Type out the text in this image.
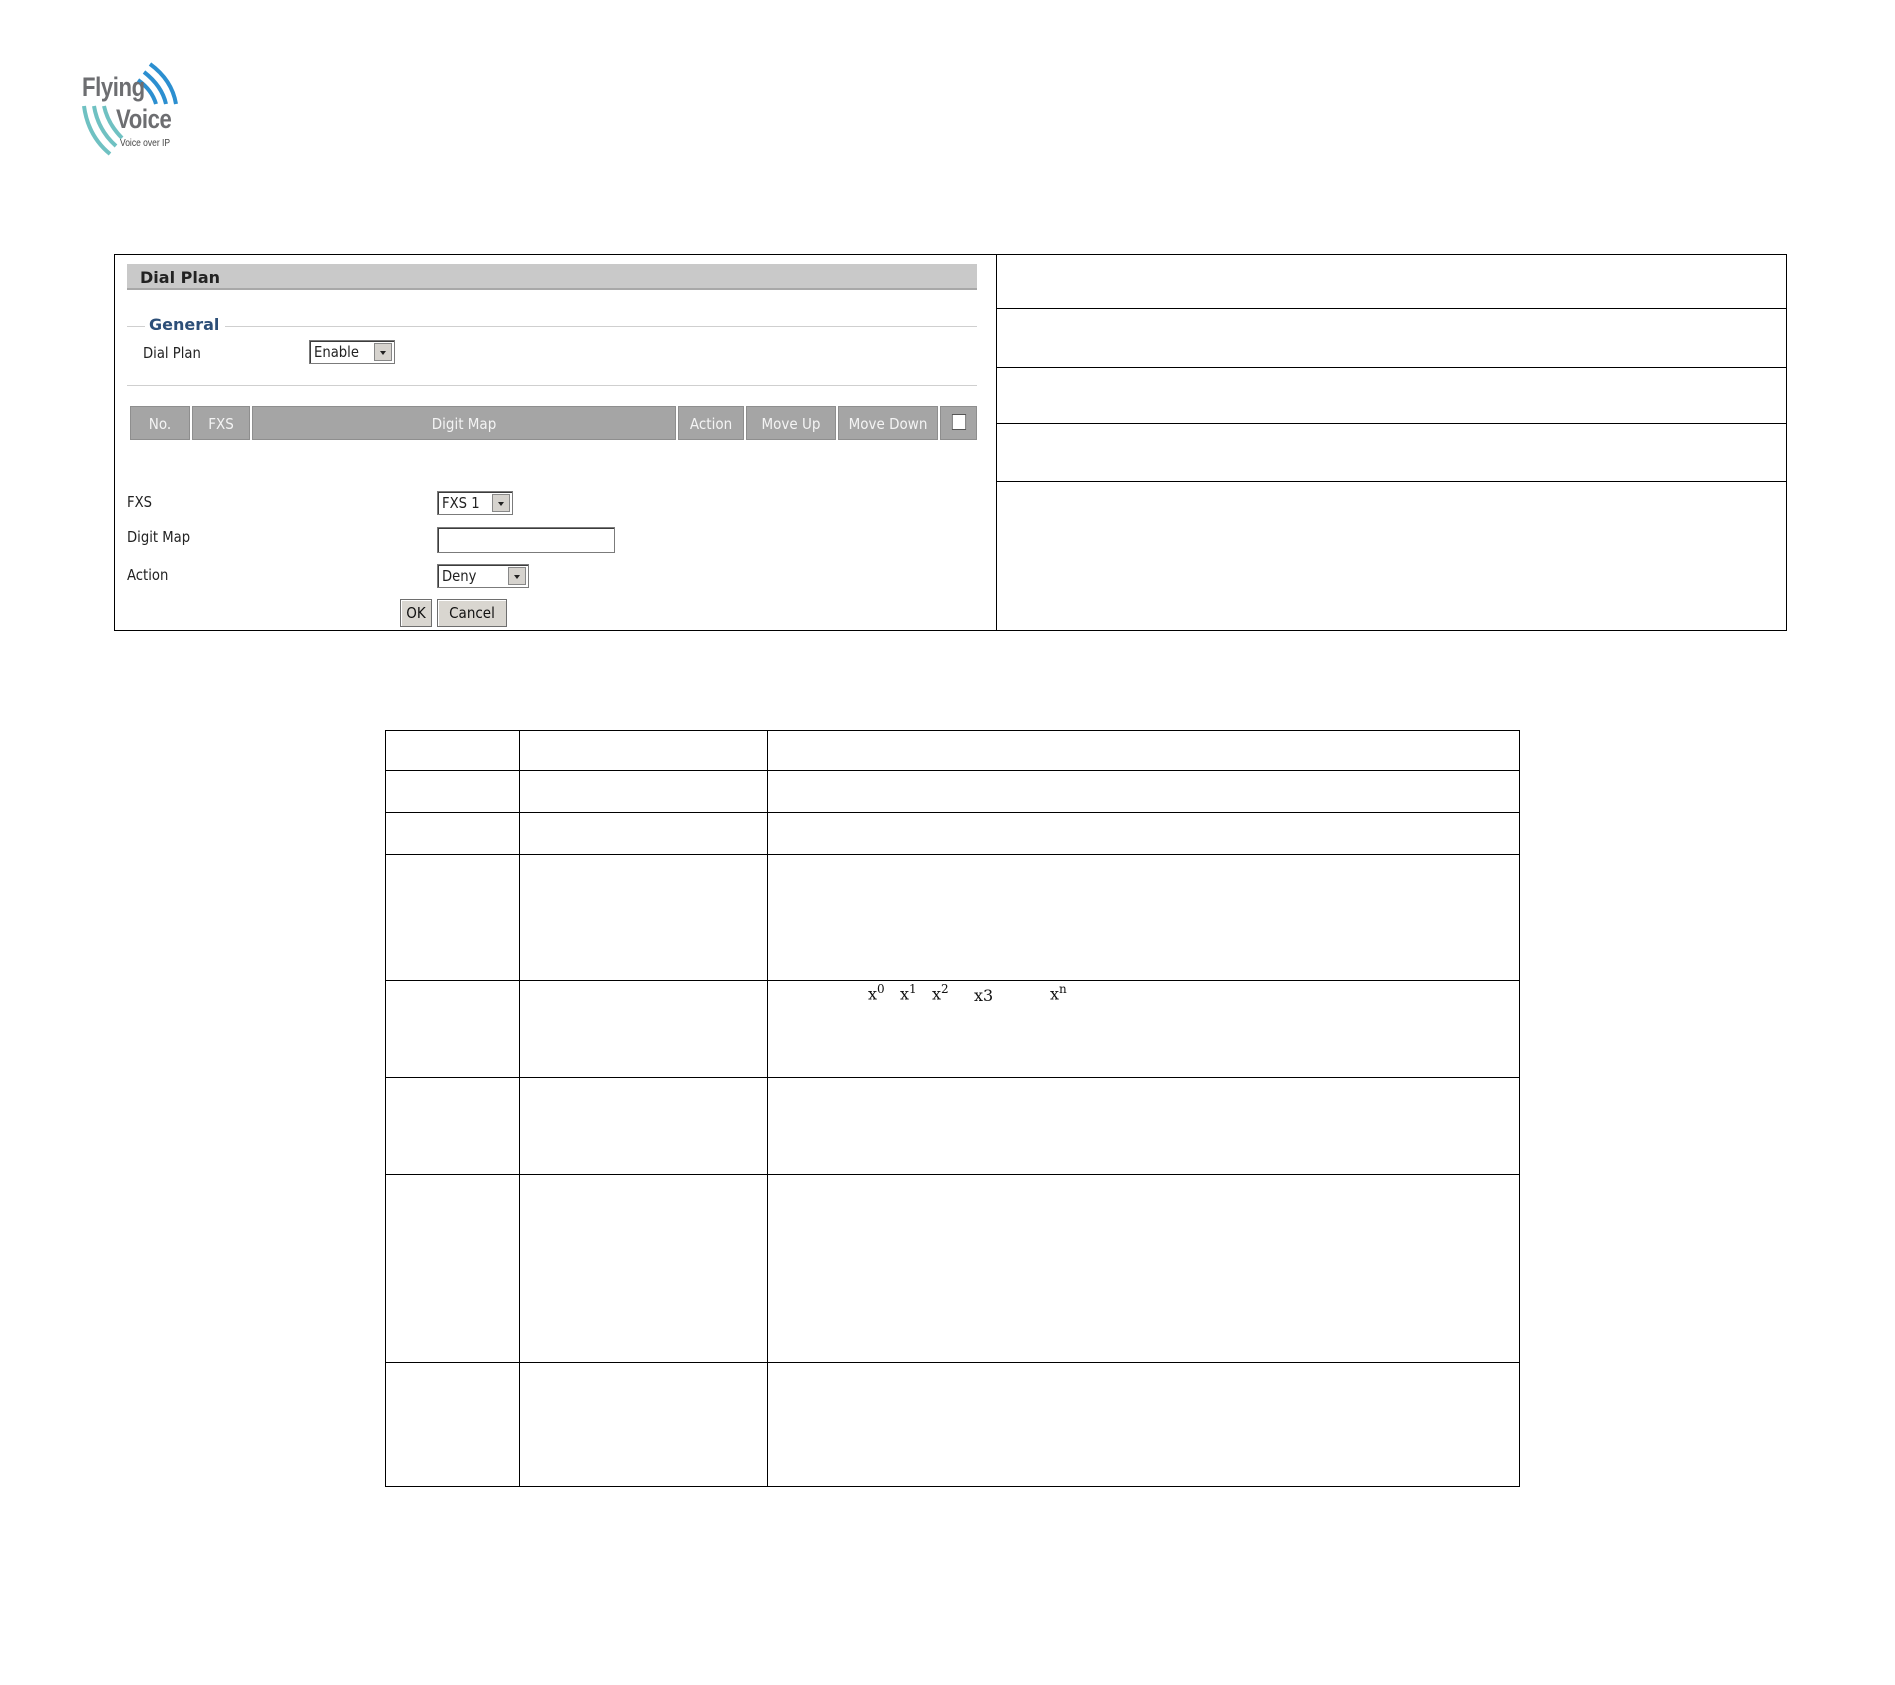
Flying
Voice
Voice over IP
Dial Plan
General
Dial Plan	Enable
No.	FXS	Digit Map	Action	Move Up	Move Down
FXS	FXS 1
Digit Map
Action	Deny
OK	Cancel
$x^0$ $x^1$ $x^2$ x3	$x^n$
